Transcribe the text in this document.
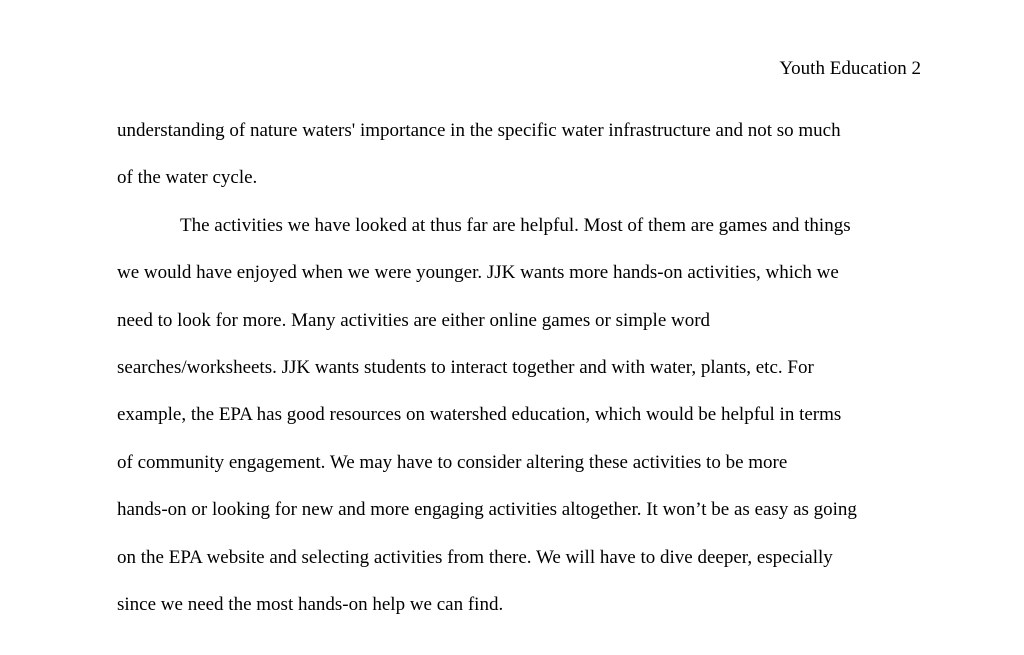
Youth Education 2
understanding of nature waters' importance in the specific water infrastructure and not so much
of the water cycle.
The activities we have looked at thus far are helpful. Most of them are games and things
we would have enjoyed when we were younger. JJK wants more hands-on activities, which we
need to look for more. Many activities are either online games or simple word
searches/worksheets. JJK wants students to interact together and with water, plants, etc. For
example, the EPA has good resources on watershed education, which would be helpful in terms
of community engagement. We may have to consider altering these activities to be more
hands-on or looking for new and more engaging activities altogether. It won’t be as easy as going
on the EPA website and selecting activities from there. We will have to dive deeper, especially
since we need the most hands-on help we can find.
